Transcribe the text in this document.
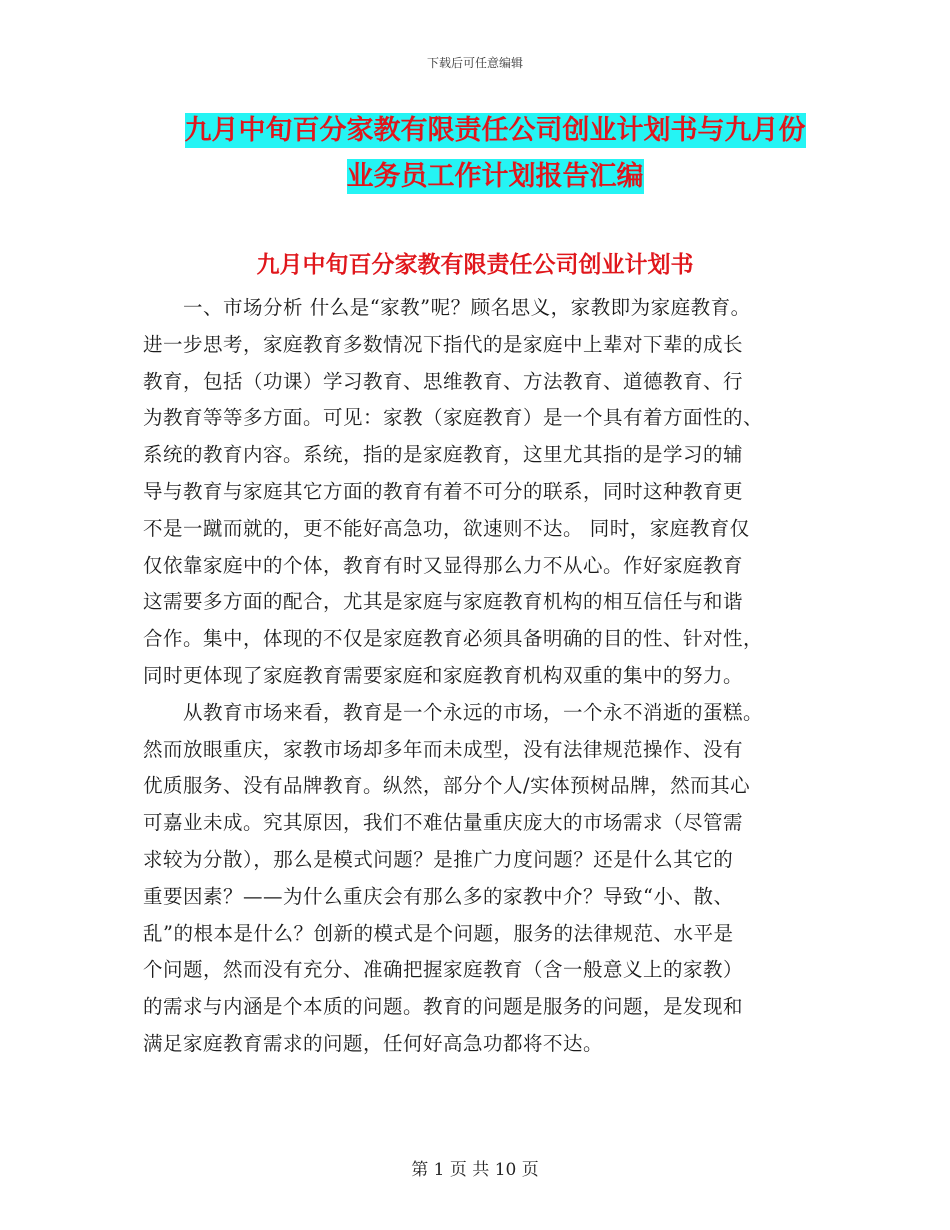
下载后可任意编辑
九月中旬百分家教有限责任公司创业计划书与九月份
业务员工作计划报告汇编
九月中旬百分家教有限责任公司创业计划书
一、市场分析 什么是“家教”呢？顾名思义，家教即为家庭教育。
进一步思考，家庭教育多数情况下指代的是家庭中上辈对下辈的成长
教育，包括（功课）学习教育、思维教育、方法教育、道德教育、行
为教育等等多方面。可见：家教（家庭教育）是一个具有着方面性的、
系统的教育内容。系统，指的是家庭教育，这里尤其指的是学习的辅
导与教育与家庭其它方面的教育有着不可分的联系，同时这种教育更
不是一蹴而就的，更不能好高急功，欲速则不达。 同时，家庭教育仅
仅依靠家庭中的个体，教育有时又显得那么力不从心。作好家庭教育
这需要多方面的配合，尤其是家庭与家庭教育机构的相互信任与和谐
合作。集中，体现的不仅是家庭教育必须具备明确的目的性、针对性，
同时更体现了家庭教育需要家庭和家庭教育机构双重的集中的努力。
从教育市场来看，教育是一个永远的市场，一个永不消逝的蛋糕。
然而放眼重庆，家教市场却多年而未成型，没有法律规范操作、没有
优质服务、没有品牌教育。纵然，部分个人/实体预树品牌，然而其心
可嘉业未成。究其原因，我们不难估量重庆庞大的市场需求（尽管需
求较为分散），那么是模式问题？是推广力度问题？还是什么其它的
重要因素？——为什么重庆会有那么多的家教中介？导致“小、散、
乱”的根本是什么？创新的模式是个问题，服务的法律规范、水平是
个问题，然而没有充分、准确把握家庭教育（含一般意义上的家教）
的需求与内涵是个本质的问题。教育的问题是服务的问题，是发现和
满足家庭教育需求的问题，任何好高急功都将不达。
第 1 页 共 10 页
